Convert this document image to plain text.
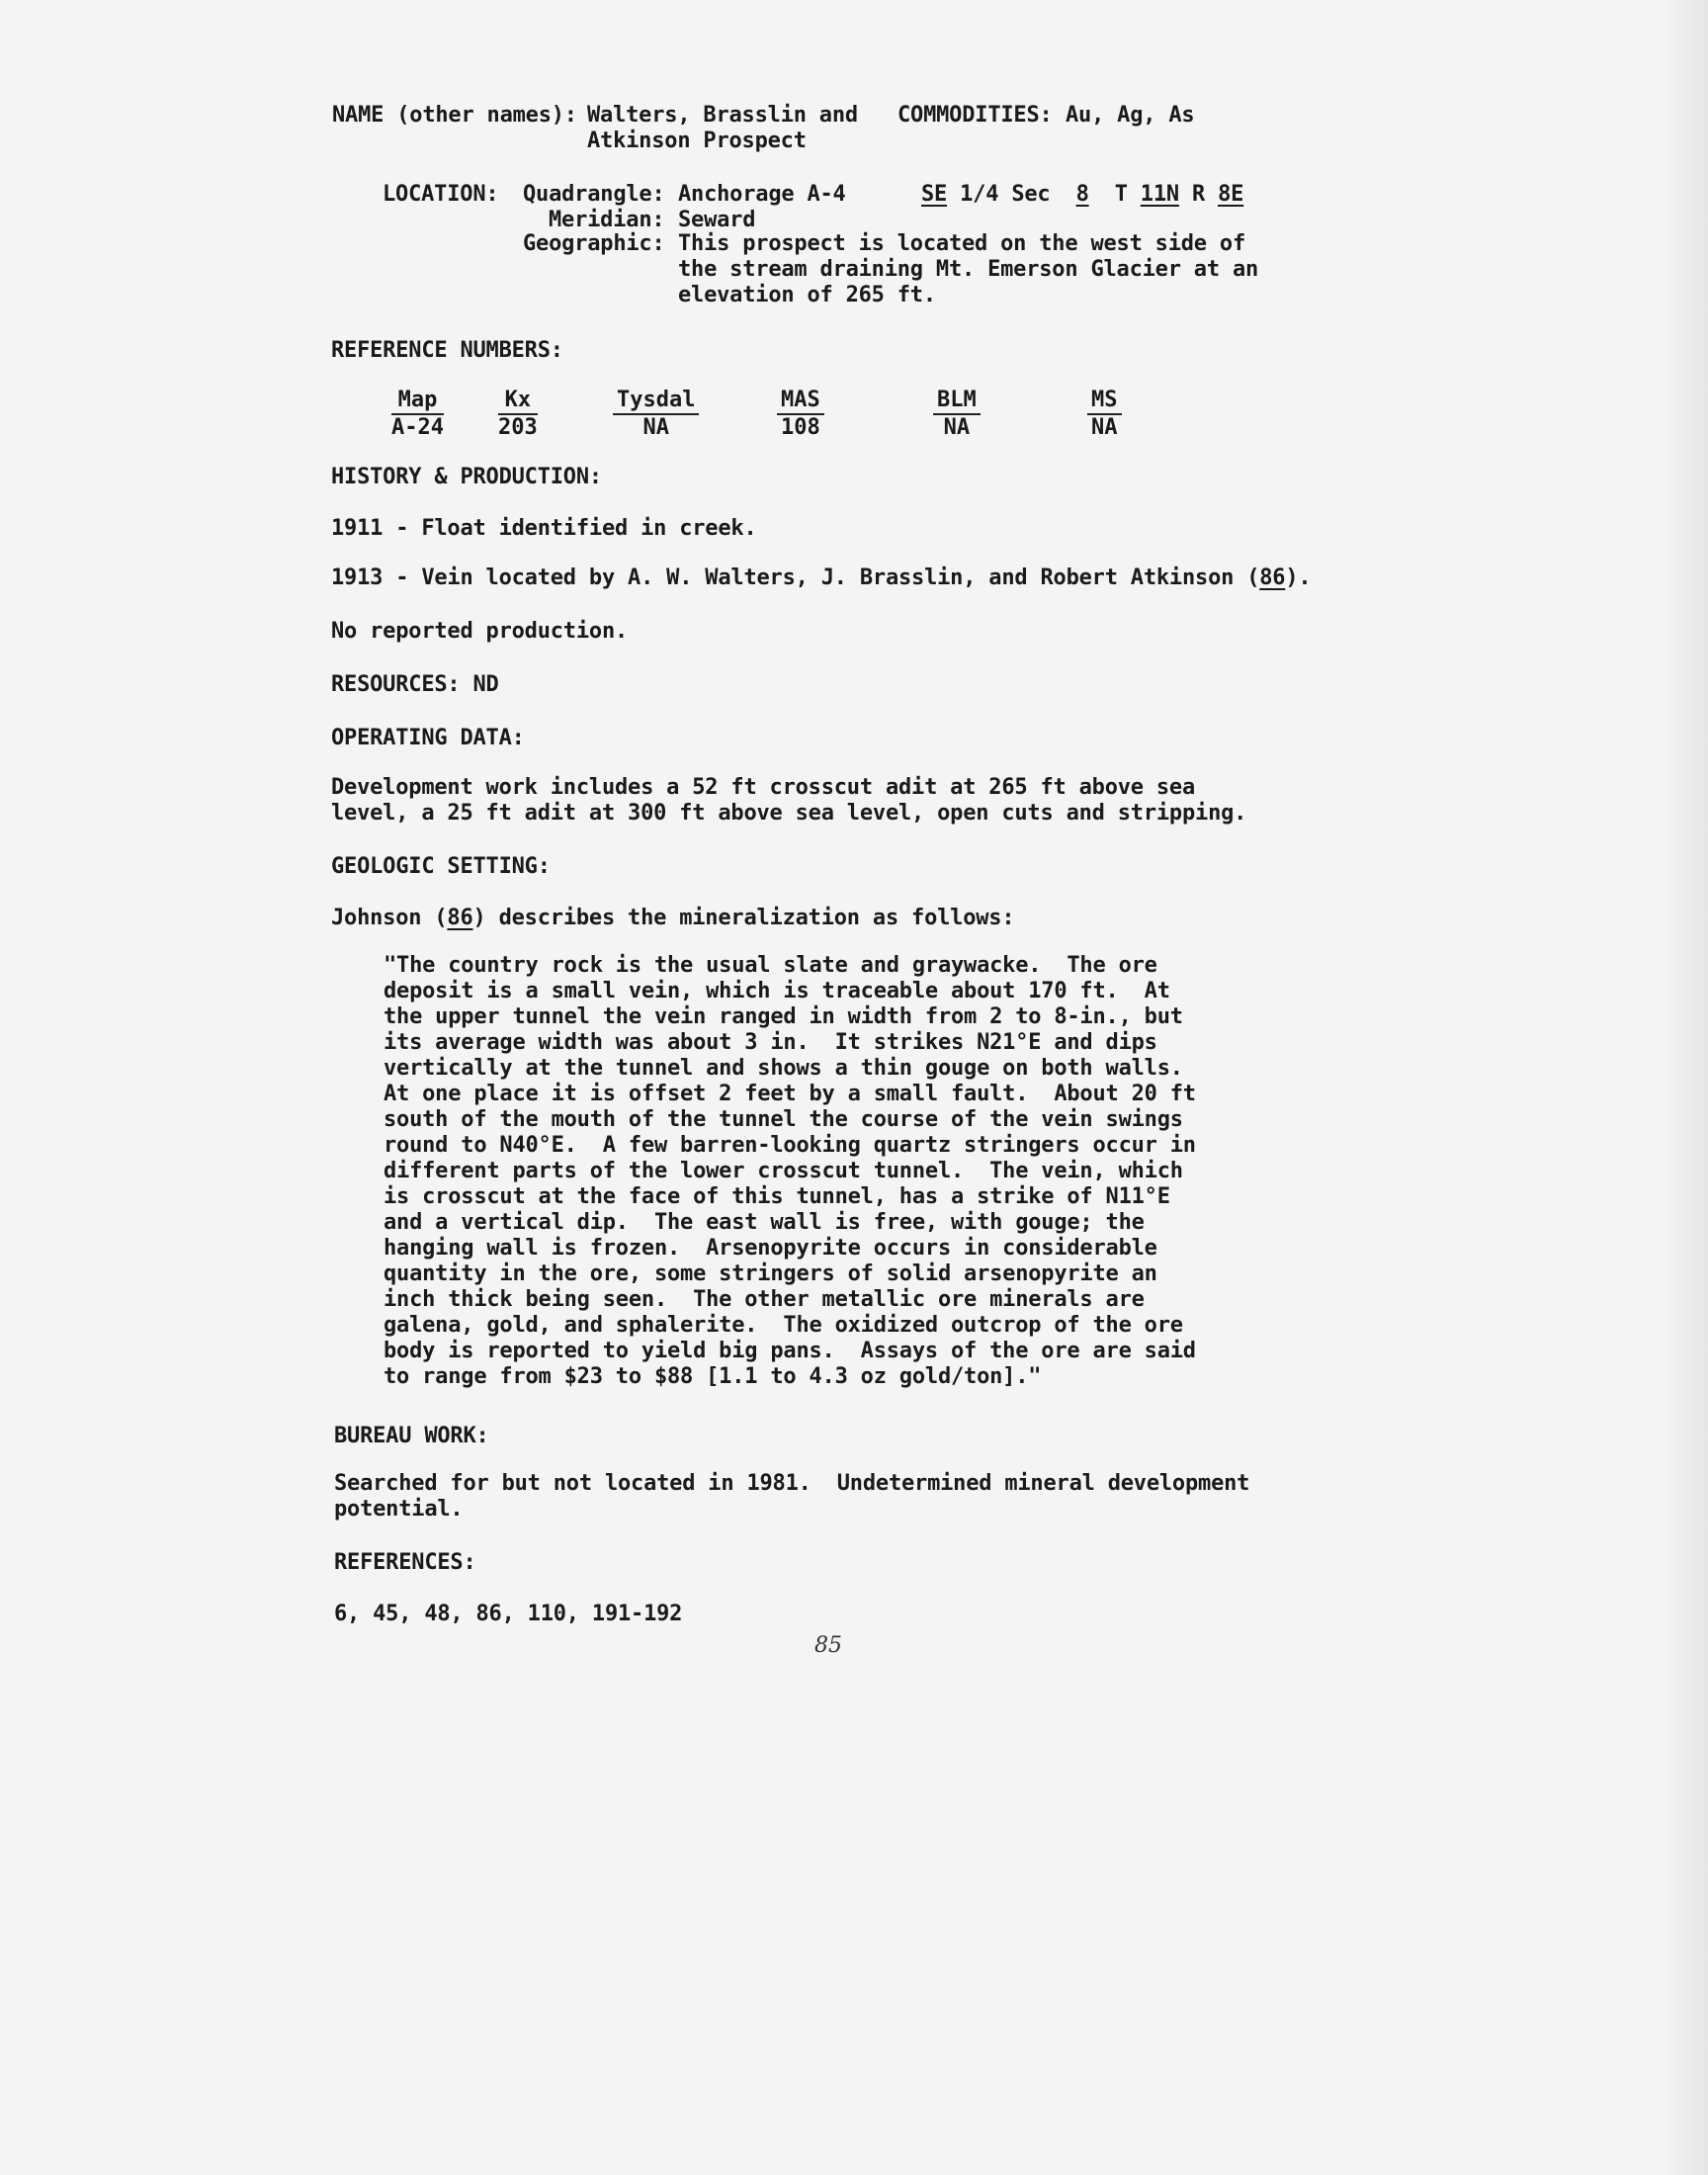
NAME (other names): Walters, Brasslin and
Atkinson Prospect
COMMODITIES: Au, Ag, As
LOCATION: Quadrangle: Anchorage A-4	SE 1/4 Sec 8 T 11N R 8E
Meridian: Seward
Geographic: This prospect is located on the west side of
the stream draining Mt. Emerson Glacier at an
elevation of 265 ft.
REFERENCE NUMBERS:
Map
A-24
Kx
203
Tysdal
NA
MAS
108
BLM
NA
MS
NA
HISTORY & PRODUCTION:
1911 - Float identified in creek.
1913 - Vein located by A. W. Walters, J. Brasslin, and Robert Atkinson (86).
No reported production.
RESOURCES: ND
OPERATING DATA:
Development work includes a 52 ft crosscut adit at 265 ft above sea
level, a 25 ft adit at 300 ft above sea level, open cuts and stripping.
GEOLOGIC SETTING:
Johnson (86) describes the mineralization as follows:
"The country rock is the usual slate and graywacke.  The ore
deposit is a small vein, which is traceable about 170 ft.  At
the upper tunnel the vein ranged in width from 2 to 8-in., but
its average width was about 3 in.  It strikes N21°E and dips
vertically at the tunnel and shows a thin gouge on both walls.
At one place it is offset 2 feet by a small fault.  About 20 ft
south of the mouth of the tunnel the course of the vein swings
round to N40°E.  A few barren-looking quartz stringers occur in
different parts of the lower crosscut tunnel.  The vein, which
is crosscut at the face of this tunnel, has a strike of N11°E
and a vertical dip.  The east wall is free, with gouge; the
hanging wall is frozen.  Arsenopyrite occurs in considerable
quantity in the ore, some stringers of solid arsenopyrite an
inch thick being seen.  The other metallic ore minerals are
galena, gold, and sphalerite.  The oxidized outcrop of the ore
body is reported to yield big pans.  Assays of the ore are said
to range from $23 to $88 [1.1 to 4.3 oz gold/ton]."
BUREAU WORK:
Searched for but not located in 1981.  Undetermined mineral development
potential.
REFERENCES:
6, 45, 48, 86, 110, 191-192
85
